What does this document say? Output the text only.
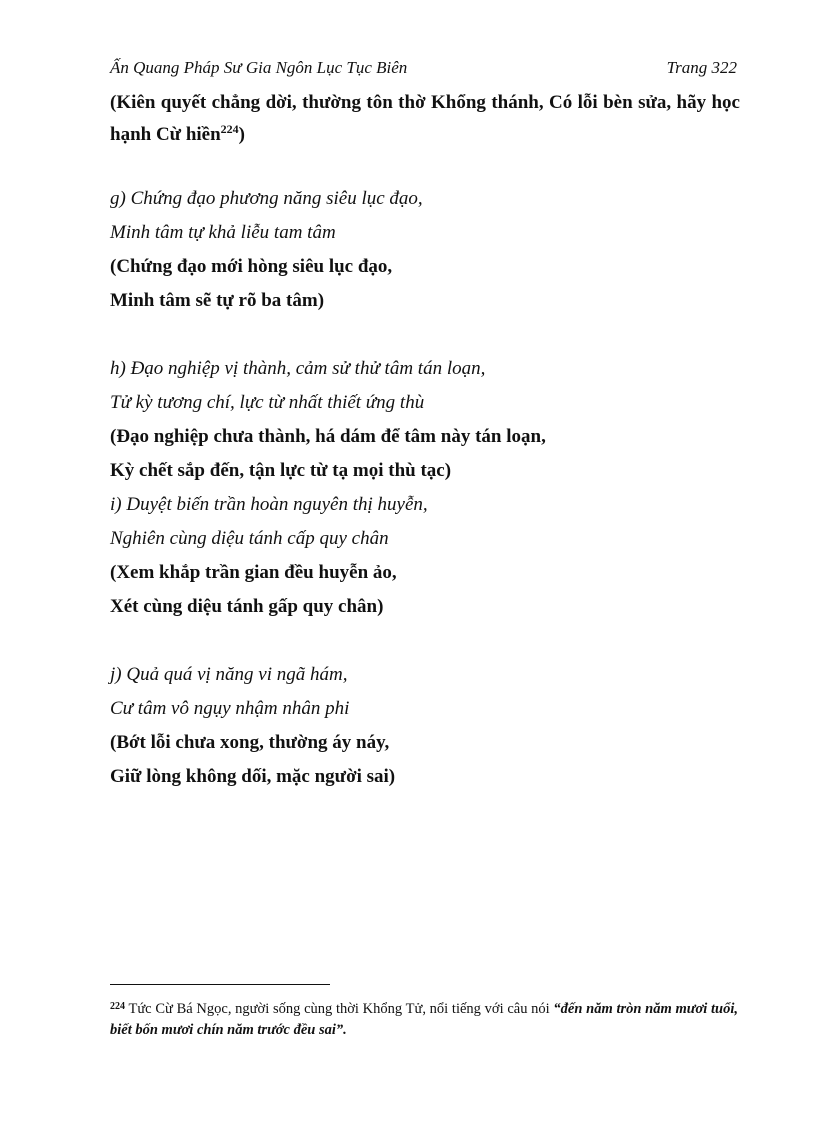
Ấn Quang Pháp Sư Gia Ngôn Lục Tục Biên	Trang 322
(Kiên quyết chẳng dời, thường tôn thờ Khổng thánh, Có lỗi bèn sửa, hãy học hạnh Cừ hiền$^{224}$)
g) Chứng đạo phương năng siêu lục đạo,
Minh tâm tự khả liễu tam tâm
(Chứng đạo mới hòng siêu lục đạo,
Minh tâm sẽ tự rõ ba tâm)
h) Đạo nghiệp vị thành, cảm sử thử tâm tán loạn,
Tử kỳ tương chí, lực từ nhất thiết ứng thù
(Đạo nghiệp chưa thành, há dám để tâm này tán loạn,
Kỳ chết sắp đến, tận lực từ tạ mọi thù tạc)
i) Duyệt biến trần hoàn nguyên thị huyễn,
Nghiên cùng diệu tánh cấp quy chân
(Xem khắp trần gian đều huyễn ảo,
Xét cùng diệu tánh gấp quy chân)
j) Quả quá vị năng vi ngã hám,
Cư tâm vô ngụy nhậm nhân phi
(Bớt lỗi chưa xong, thường áy náy,
Giữ lòng không dối, mặc người sai)
$^{224}$ Tức Cừ Bá Ngọc, người sống cùng thời Khổng Tử, nổi tiếng với câu nói “đến năm tròn năm mươi tuổi, biết bốn mươi chín năm trước đều sai”.
